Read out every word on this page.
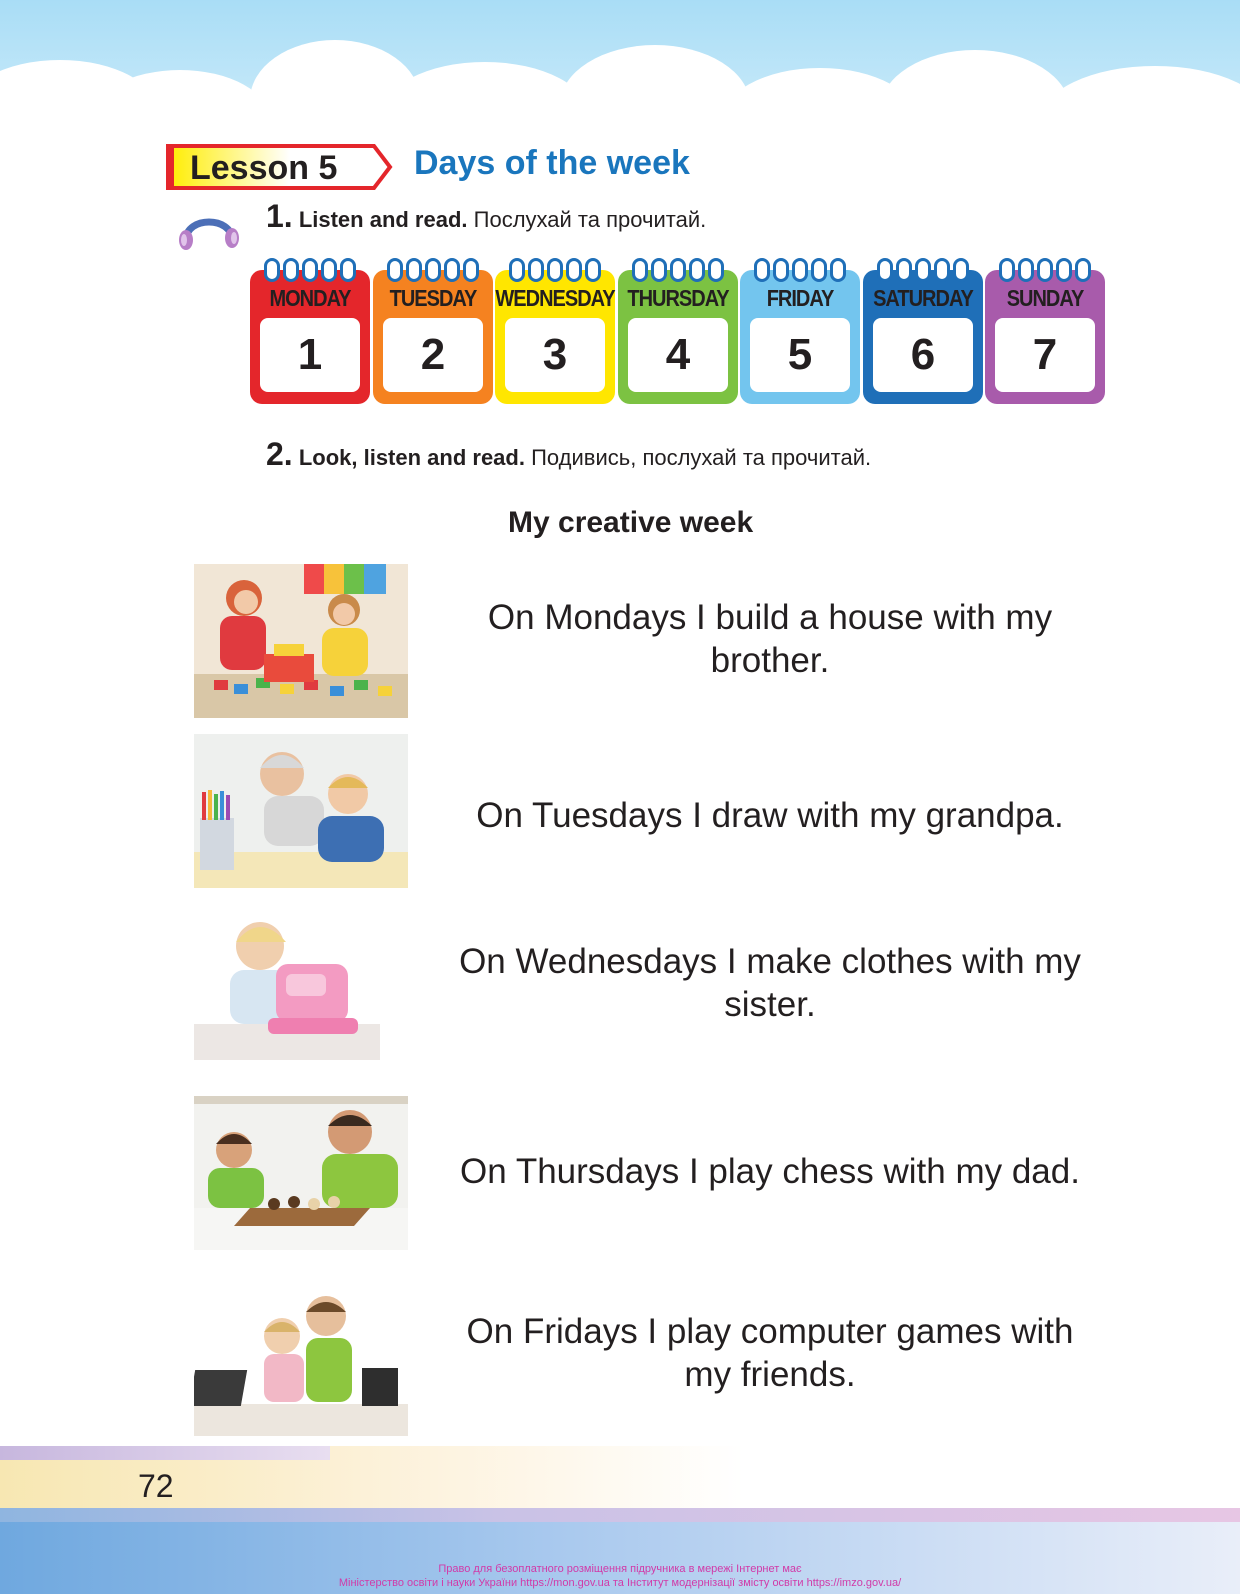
Lesson 5 Days of the week
1. Listen and read. Послухай та прочитай.
MONDAY
1
TUESDAY
2
WEDNESDAY
3
THURSDAY
4
FRIDAY
5
SATURDAY
6
SUNDAY
7
2. Look, listen and read. Подивись, послухай та прочитай.
My creative week
On Mondays I build a house with my
brother.
On Tuesdays I draw with my grandpa.
On Wednesdays I make clothes with my
sister.
On Thursdays I play chess with my dad.
On Fridays I play computer games with
my friends.
72
Право для безоплатного розміщення підручника в мережі Інтернет має
Міністерство освіти і науки України https://mon.gov.ua та Інститут модернізації змісту освіти https://imzo.gov.ua/
